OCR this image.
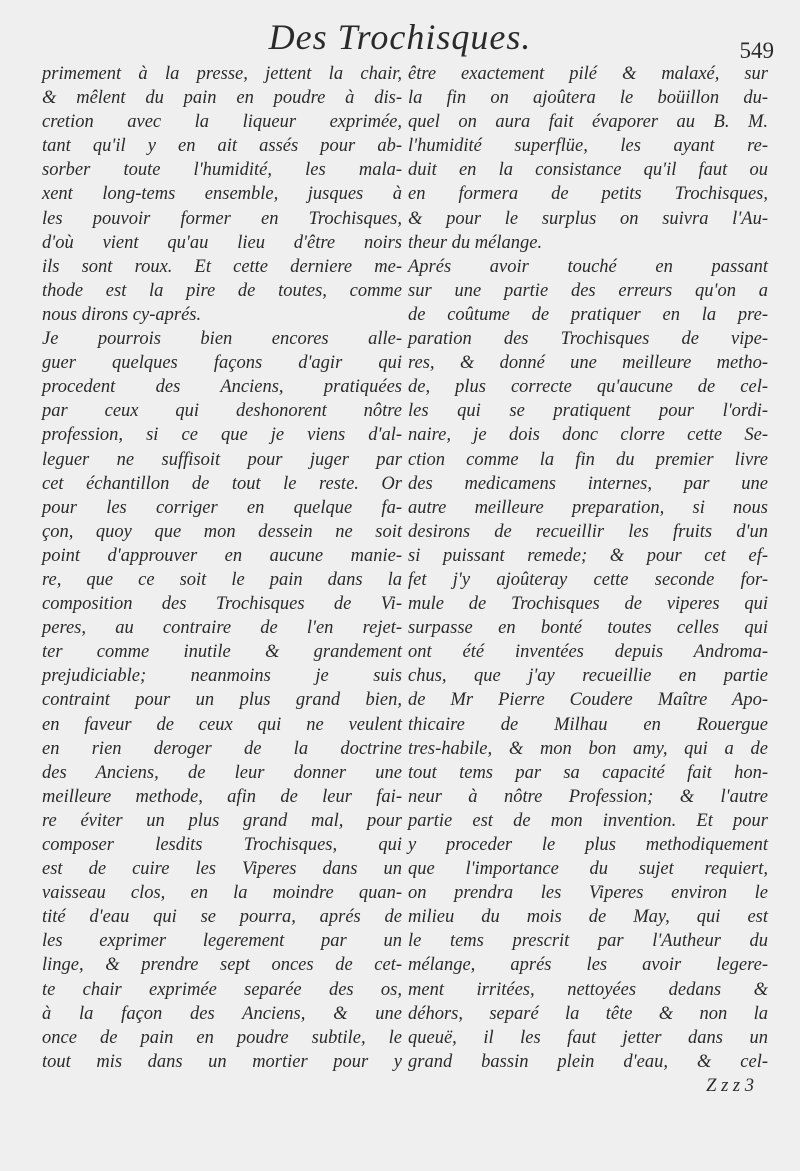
Des Trochisques.	549
primement à la presse, jettent la chair,
& mêlent du pain en poudre à dis-
cretion avec la liqueur exprimée,
tant qu'il y en ait assés pour ab-
sorber toute l'humidité, les mala-
xent long-tems ensemble, jusques à
les pouvoir former en Trochisques,
d'où vient qu'au lieu d'être noirs
ils sont roux. Et cette derniere me-
thode est la pire de toutes, comme
nous dirons cy-aprés.
Je pourrois bien encores alle-
guer quelques façons d'agir qui
procedent des Anciens, pratiquées
par ceux qui deshonorent nôtre
profession, si ce que je viens d'al-
leguer ne suffisoit pour juger par
cet échantillon de tout le reste. Or
pour les corriger en quelque fa-
çon, quoy que mon dessein ne soit
point d'approuver en aucune manie-
re, que ce soit le pain dans la
composition des Trochisques de Vi-
peres, au contraire de l'en rejet-
ter comme inutile & grandement
prejudiciable; neanmoins je suis
contraint pour un plus grand bien,
en faveur de ceux qui ne veulent
en rien deroger de la doctrine
des Anciens, de leur donner une
meilleure methode, afin de leur fai-
re éviter un plus grand mal, pour
composer lesdits Trochisques, qui
est de cuire les Viperes dans un
vaisseau clos, en la moindre quan-
tité d'eau qui se pourra, aprés de
les exprimer legerement par un
linge, & prendre sept onces de cet-
te chair exprimée separée des os,
à la façon des Anciens, & une
once de pain en poudre subtile, le
tout mis dans un mortier pour y
être exactement pilé & malaxé, sur
la fin on ajoûtera le boüillon du-
quel on aura fait évaporer au B. M.
l'humidité superflüe, les ayant re-
duit en la consistance qu'il faut ou
en formera de petits Trochisques,
& pour le surplus on suivra l'Au-
theur du mélange.
Aprés avoir touché en passant
sur une partie des erreurs qu'on a
de coûtume de pratiquer en la pre-
paration des Trochisques de vipe-
res, & donné une meilleure metho-
de, plus correcte qu'aucune de cel-
les qui se pratiquent pour l'ordi-
naire, je dois donc clorre cette Se-
ction comme la fin du premier livre
des medicamens internes, par une
autre meilleure preparation, si nous
desirons de recueillir les fruits d'un
si puissant remede; & pour cet ef-
fet j'y ajoûteray cette seconde for-
mule de Trochisques de viperes qui
surpasse en bonté toutes celles qui
ont été inventées depuis Androma-
chus, que j'ay recueillie en partie
de Mr Pierre Coudere Maître Apo-
thicaire de Milhau en Rouergue
tres-habile, & mon bon amy, qui a de
tout tems par sa capacité fait hon-
neur à nôtre Profession; & l'autre
partie est de mon invention. Et pour
y proceder le plus methodiquement
que l'importance du sujet requiert,
on prendra les Viperes environ le
milieu du mois de May, qui est
le tems prescrit par l'Autheur du
mélange, aprés les avoir legere-
ment irritées, nettoyées dedans &
déhors, separé la tête & non la
queuë, il les faut jetter dans un
grand bassin plein d'eau, & cel-
Z z z 3
